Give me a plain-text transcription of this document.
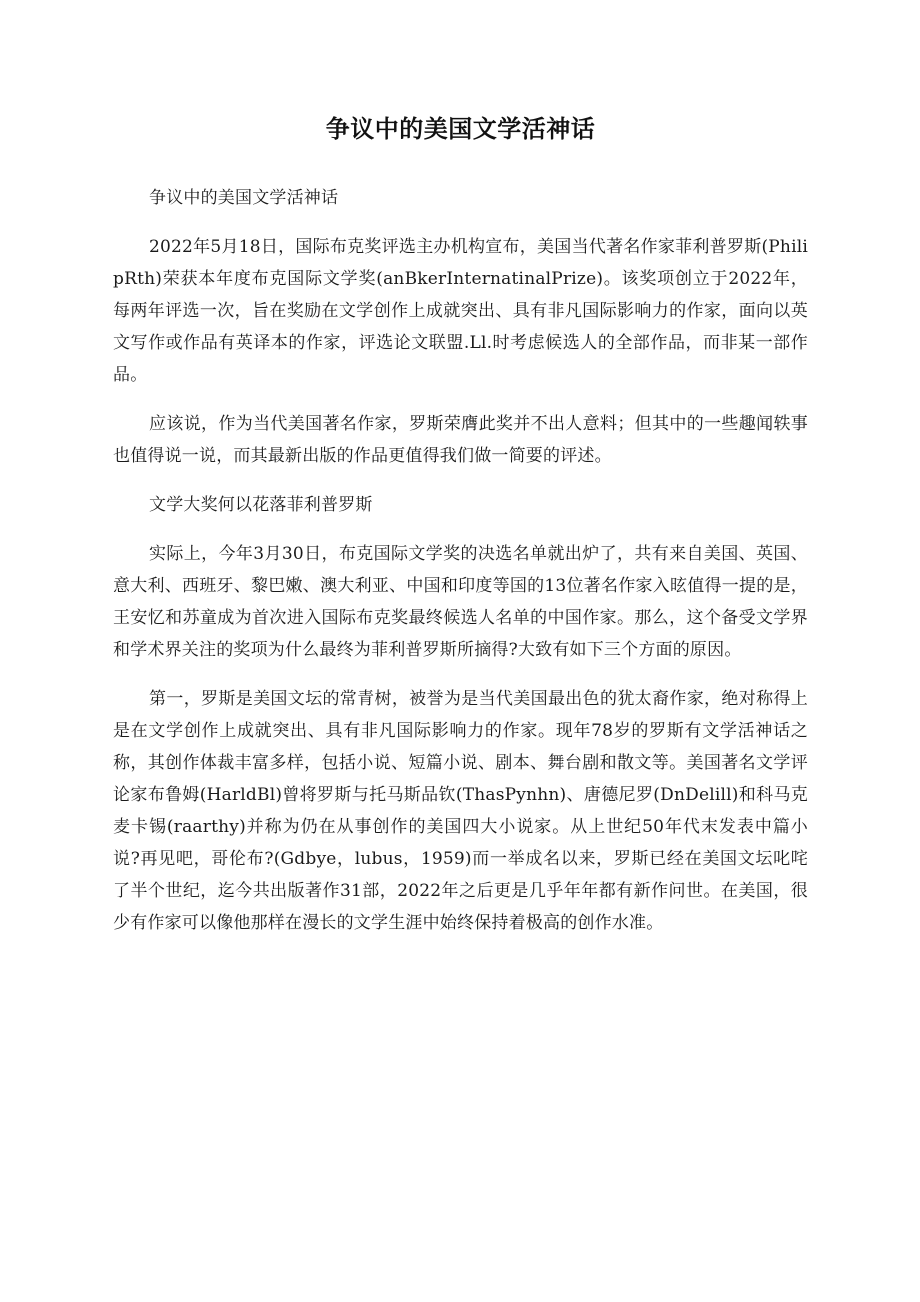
争议中的美国文学活神话

争议中的美国文学活神话

2022年5月18日，国际布克奖评选主办机构宣布，美国当代著名作家菲利普罗斯(PhilipRth)荣获本年度布克国际文学奖(anBkerInternatinalPrize)。该奖项创立于2022年，每两年评选一次，旨在奖励在文学创作上成就突出、具有非凡国际影响力的作家，面向以英文写作或作品有英译本的作家，评选论文联盟.Ll.时考虑候选人的全部作品，而非某一部作品。

应该说，作为当代美国著名作家，罗斯荣膺此奖并不出人意料；但其中的一些趣闻轶事也值得说一说，而其最新出版的作品更值得我们做一简要的评述。

文学大奖何以花落菲利普罗斯

实际上，今年3月30日，布克国际文学奖的决选名单就出炉了，共有来自美国、英国、意大利、西班牙、黎巴嫩、澳大利亚、中国和印度等国的13位著名作家入昡值得一提的是，王安忆和苏童成为首次进入国际布克奖最终候选人名单的中国作家。那么，这个备受文学界和学术界关注的奖项为什么最终为菲利普罗斯所摘得?大致有如下三个方面的原因。

第一，罗斯是美国文坛的常青树，被誉为是当代美国最出色的犹太裔作家，绝对称得上是在文学创作上成就突出、具有非凡国际影响力的作家。现年78岁的罗斯有文学活神话之称，其创作体裁丰富多样，包括小说、短篇小说、剧本、舞台剧和散文等。美国著名文学评论家布鲁姆(HarldBl)曾将罗斯与托马斯品钦(ThasPynhn)、唐德尼罗(DnDelill)和科马克麦卡锡(raarthy)并称为仍在从事创作的美国四大小说家。从上世纪50年代末发表中篇小说?再见吧，哥伦布?(Gdbye，lubus，1959)而一举成名以来，罗斯已经在美国文坛叱咤了半个世纪，迄今共出版著作31部，2022年之后更是几乎年年都有新作问世。在美国，很少有作家可以像他那样在漫长的文学生涯中始终保持着极高的创作水准。
